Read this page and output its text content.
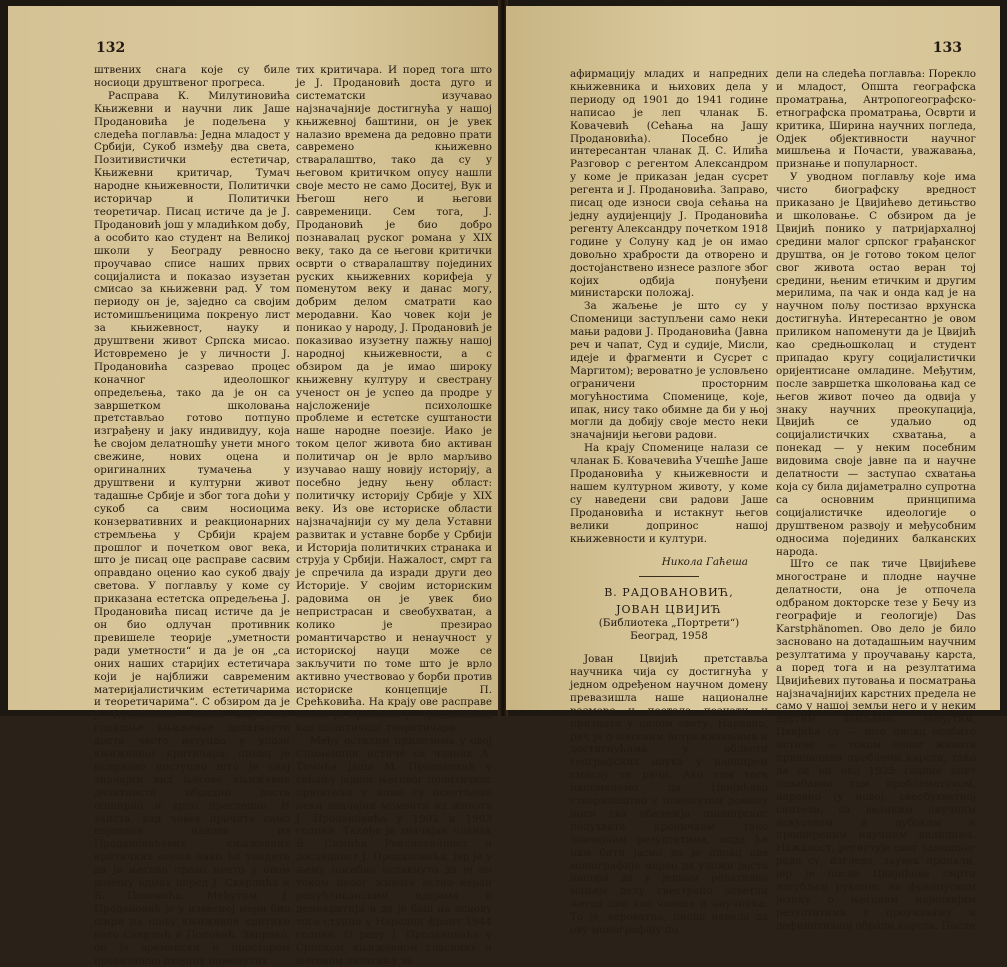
132

штвених снага које су биле носиоци друштвеног прогреса.

Расправа К. Милутиновића Књижевни и научни лик Јаше Продановића је подељена у следећа поглавља: Једна младост у Србији, Сукоб између два света, Позитивистички естетичар, Књижевни критичар, Тумач народне књижевности, Политички историчар и Политички теоретичар. Писац истиче да је Ј. Продановић још у младићком добу, а особито као студент на Великој школи у Београду ревносно проучавао списе наших првих социјалиста и показао изузетан смисао за књижевни рад. У том периоду он је, заједно са својим истомишљеницима покренуо лист за књижевност, науку и друштвени живот Српска мисао. Истовремено је у личности Ј. Продановића сазревао процес коначног идеолошког опредељења, тако да је он са завршетком школовања претстављао готово потпуно изграђену и јаку индивидуу, која ће својом делатношћу унети много свежине, нових оцена и оригиналних тумачења у друштвени и културни живот тадашње Србије и због тога доћи у сукоб са свим носиоцима конзервативних и реакционарних стремљења у Србији крајем прошлог и почетком овог века, што је писац оце расправе сасвим оправдано оценио као сукоб двају светова. У поглављу у коме су приказана естетска опредељења Ј. Продановића писац истиче да је он био одлучан противник превишеле теорије „уметности ради уметности“ и да је он „са оних наших старијих естетичара који је најближи савременим материјалистичким естетичарима и теоретичарима“. С обзиром да је Ј. Продановић током своје 60-годишње књижевне делатности доста често иступао у улози књижевног критичара, писац је исправно поступио што је овај значајни вид његове књижевне делатности обрадио доста опширно и врло прегледно. И заиста, кад човек прочита само поједине наводе из Продановићевих књижевних критичких оцена лако ће увидети да је његово право место у овом домену одмах поред Ј. Скерлића и Б. Поповића. Међутим, Ј. Продановић је у извесној мери био шири на пољу књижевне критике него Скерлић и Поповић. Заправо, он је временски и простором превазишао двојицу поменутих

тих критичара. И поред тога што је Ј. Продановић доста дуго и систематски изучавао најзначајније достигнућа у нашој књижевној баштини, он је увек налазио времена да редовно прати савремено књижевно стваралаштво, тако да су у његовом критичком опусу нашли своје место не само Доситеј, Вук и Његош него и његови савременици. Сем тога, Ј. Продановић је био добро познавалац руског романа у XIX веку, тако да се његови критички осврти о стваралаштву појединих руских књижевних корифеја у поменутом веку и данас могу, добрим делом сматрати као меродавни. Као човек који је поникао у народу, Ј. Продановић је показивао изузетну пажњу нашој народној књижевности, а с обзиром да је имао широку књижевну културу и свестрану ученост он је успео да продре у најсложеније психолошке проблеме и естетске суштаности наше народне поезије. Иако је током целог живота био активан политичар он је врло марљиво изучавао нашу новију историју, а посебно једну њену област: политичку историју Србије у XIX веку. Из ове историске области најзначајнији су му дела Уставни развитак и уставне борбе у Србији и Историја политичких странака и струја у Србији. Нажалост, смрт га је спречила да изради други део Историје. У својим историским радовима он је увек био непристрасан и свеобухватан, а колико је презирао романтичарство и ненаучност у историској науци може се закључити по томе што је врло активно учествовао у борби против историске концепције П. Срећковића. На крају ове расправе писац је приказао Ј. Продановића као политичког теоретичара.

Међу осталим прилозима у овој Споменици истиче се чланак А. Томића Јаша М. Продановић у сећању једног његовог политичког пријатеља у коме су осветљени неки значајни моменти из живота Ј. Продановића у 1902 и 1903 години. Такође је значајан чланак В. Симића Реалистичност и доследност Ј. Продановића, јер је у њему посебно истакнуто да је он током целог живота остао веран републиканским идејама и демократији и да је баш на основу тога ступио у Народни фронт 1944 године. О раду Ј. Продановића у Српском књижевном гласнику и његовом залагању за

133

афирмацију младих и напредних књижевника и њихових дела у периоду од 1901 до 1941 године написао је леп чланак Б. Ковачевић (Сећања на Јашу Продановића). Посебно је интересантан чланак Д. С. Илића Разговор с регентом Александром у коме је приказан један сусрет регента и Ј. Продановића. Заправо, писац оде износи своја сећања на једну аудијенцију Ј. Продановића регенту Александру почетком 1918 године у Солуну кад је он имао довољно храбрости да отворено и достојанствено изнесе разлоге због којих одбија понуђени министарски положај.

За жаљење је што су у Споменици заступљени само неки мањи радови Ј. Продановића (Јавна реч и чапат, Суд и судије, Мисли, идеје и фрагменти и Сусрет с Маргитом); вероватно је условљено ограничени просторним могућностима Споменице, које, ипак, нису тако обимне да би у њој могли да добију своје место неки значајнији његови радови.

На крају Споменице налази се чланак Б. Ковачевића Учешће Јаше Продановића у књижевности и нашем културном животу, у коме су наведени сви радови Јаше Продановића и истакнут његов велики допринос нашој књижевности и култури.

Никола Гаћеша

В. РАДОВАНОВИЋ,

ЈОВАН ЦВИЈИЋ

(Библиотека „Портрети“)

Београд, 1958

Јован Цвијић претставља научника чија су достигнућа у једном одређеном научном домену превазишла наше националне размере и постала познати и призната у целом свету. Наравно, реч је о његовим истраживањима и достигнућима у области географских наука у најширем смислу те речи. Ако сем тога напоменемо да Цвијићево стваралаштво у поменутом домену носи сва обележја пионирског подухвата кроничком тако значајним резултатима, онда ће нам бити јасно да је писац ове монографије морао да уложи доста напора да у једном релативно мањем делу свестрано осветли његов лик као човека и научника. То је, вероватно, писца навело да ову монографију по

дели на следећа поглавља: Порекло и младост, Општа географска проматрања, Антропогеографско-етнографска проматрања, Осврти и критика, Ширина научних погледа, Одјек објективности научног мишљења и Почасти, уважавања, признање и популарност.

У уводном поглављу које има чисто биографску вредност приказано је Цвијићево детињство и школовање. С обзиром да је Цвијић понико у патријархалној средини малог српског грађанског друштва, он је готово током целог свог живота остао веран тој средини, њеним етичким и другим мерилима, па чак и онда кад је на научном пољу постизао врхунска достигнућа. Интересантно је овом приликом напоменути да је Цвијић као средњошколац и студент припадао кругу социјалистички оријентисане омладине. Међутим, после завршетка школовања кад се његов живот почео да одвија у знаку научних преокупација, Цвијић се удаљио од социјалистичких схватања, а понекад — у неким посебним видовима своје јавне па и научне делатности — заступао схватања која су била дијаметрално супротна са основним принципима социјалистичке идеологије о друштвеном развоју и међусобним односима појединих балканских народа.

Што се пак тиче Цвијићеве многостране и плодне научне делатности, она је отпочела одбраном докторске тезе у Бечу из географије и геологије) Das Karstphänomen. Ово дело је било засновано на дотадашњим научним резултатима у проучавању карста, а поред тога и на резултатима Цвијићевих путовања и посматрања најзначајнијих карстних предела не само у нашој земљи него и у неким другим земљама. Међутим, Цвијића су — што писац особито истиче — током целог живота привлачили проблеми карста, тако да се он око 1925 године опет позабавио том проблематиком, наравно (у новој, свеобухватној синтези, са великим научним искуством и дубоким и проширеним научним видицима. Нажалост, регистује овог замашног рада су, изгледа, заувек пропали, јер је после Цвијићеве смрти изгубљен рукопис на француском језику о његовим најновијим резултатима у проучавању и дефинитивној обради карста. После
